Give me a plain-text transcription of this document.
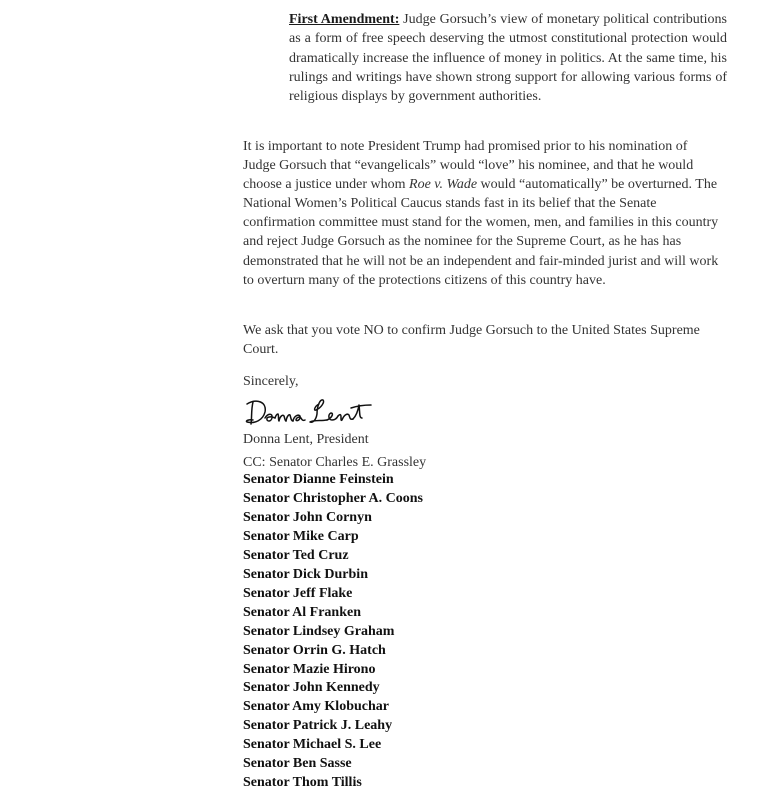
First Amendment: Judge Gorsuch’s view of monetary political contributions as a form of free speech deserving the utmost constitutional protection would dramatically increase the influence of money in politics. At the same time, his rulings and writings have shown strong support for allowing various forms of religious displays by government authorities.

It is important to note President Trump had promised prior to his nomination of Judge Gorsuch that “evangelicals” would “love” his nominee, and that he would choose a justice under whom Roe v. Wade would “automatically” be overturned. The National Women’s Political Caucus stands fast in its belief that the Senate confirmation committee must stand for the women, men, and families in this country and reject Judge Gorsuch as the nominee for the Supreme Court, as he has has demonstrated that he will not be an independent and fair-minded jurist and will work to overturn many of the protections citizens of this country have.

We ask that you vote NO to confirm Judge Gorsuch to the United States Supreme Court.

Sincerely,
Donna Lent, President
CC: Senator Charles E. Grassley
Senator Dianne Feinstein
Senator Christopher A. Coons
Senator John Cornyn
Senator Mike Carp
Senator Ted Cruz
Senator Dick Durbin
Senator Jeff Flake
Senator Al Franken
Senator Lindsey Graham
Senator Orrin G. Hatch
Senator Mazie Hirono
Senator John Kennedy
Senator Amy Klobuchar
Senator Patrick J. Leahy
Senator Michael S. Lee
Senator Ben Sasse
Senator Thom Tillis
